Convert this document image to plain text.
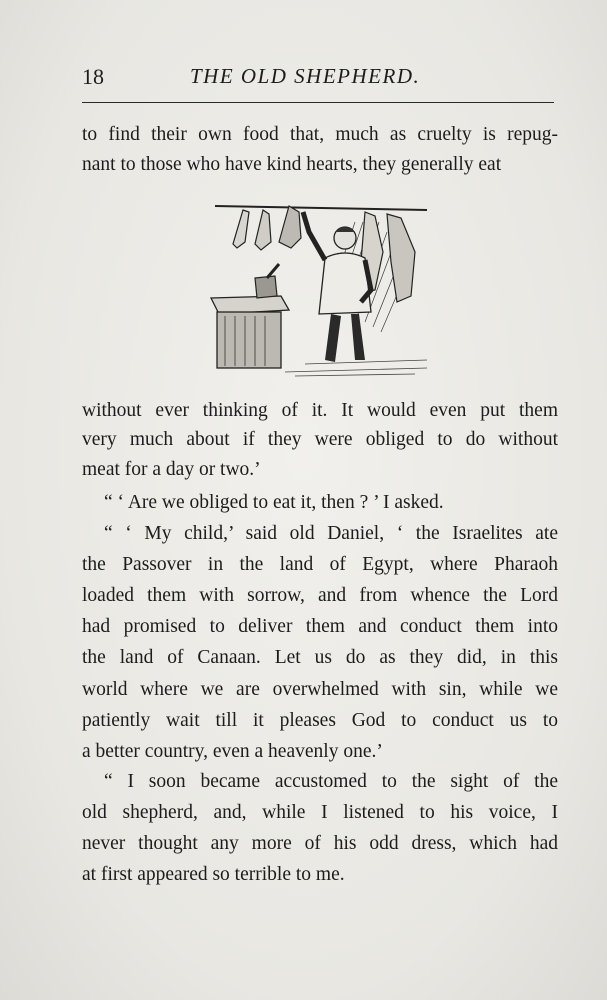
18	THE OLD SHEPHERD.
to find their own food that, much as cruelty is repug-
nant to those who have kind hearts, they generally eat
without ever thinking of it. It would even put them
very much about if they were obliged to do without
meat for a day or two.’
“ ‘ Are we obliged to eat it, then ? ’ I asked.
“ ‘ My child,’ said old Daniel, ‘ the Israelites ate
the Passover in the land of Egypt, where Pharaoh
loaded them with sorrow, and from whence the Lord
had promised to deliver them and conduct them into
the land of Canaan. Let us do as they did, in this
world where we are overwhelmed with sin, while we
patiently wait till it pleases God to conduct us to
a better country, even a heavenly one.’
“ I soon became accustomed to the sight of the
old shepherd, and, while I listened to his voice, I
never thought any more of his odd dress, which had
at first appeared so terrible to me.
